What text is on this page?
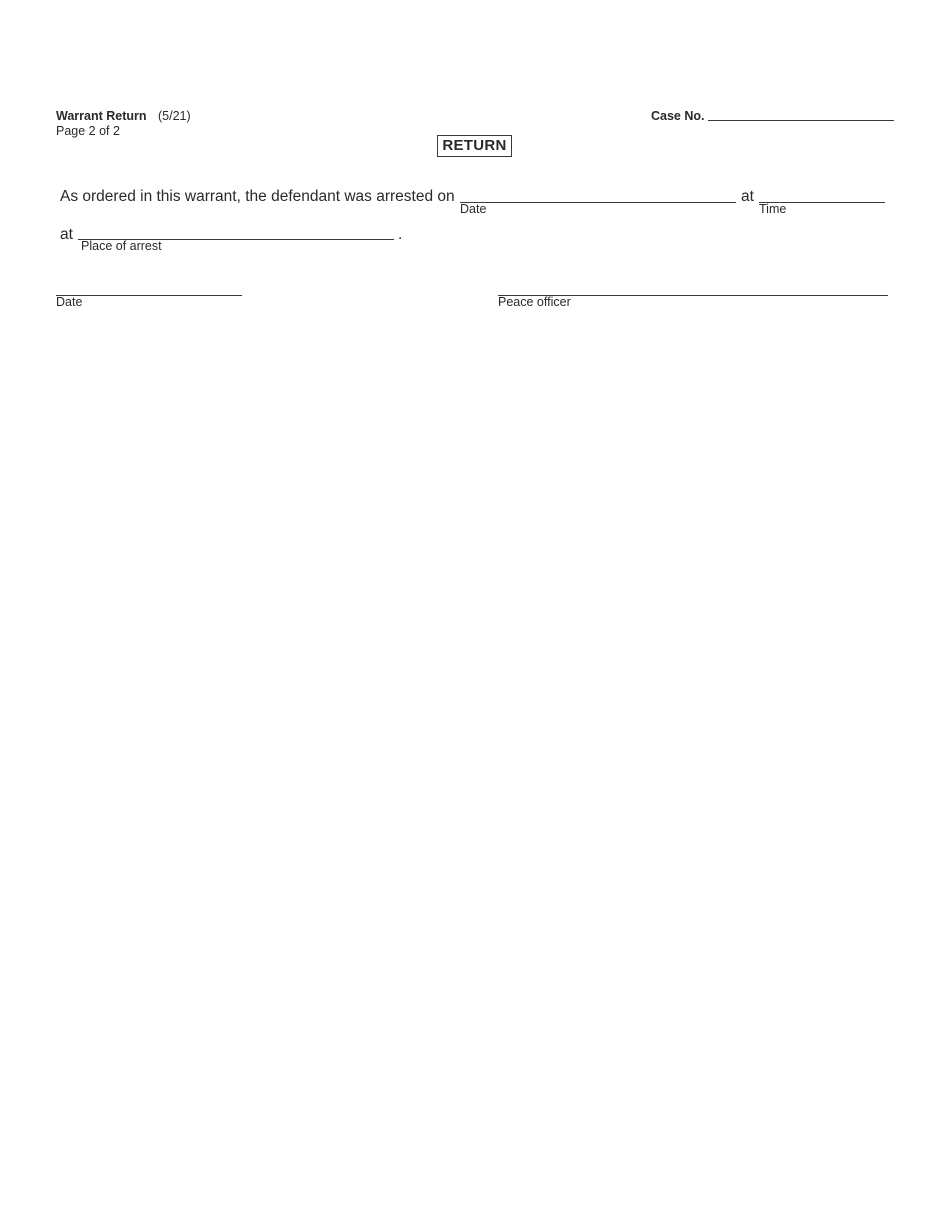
Warrant Return (5/21)
Page 2 of 2
Case No.
RETURN
As ordered in this warrant, the defendant was arrested on
Date
at
Time
at	.
Place of arrest
Date	Peace officer
